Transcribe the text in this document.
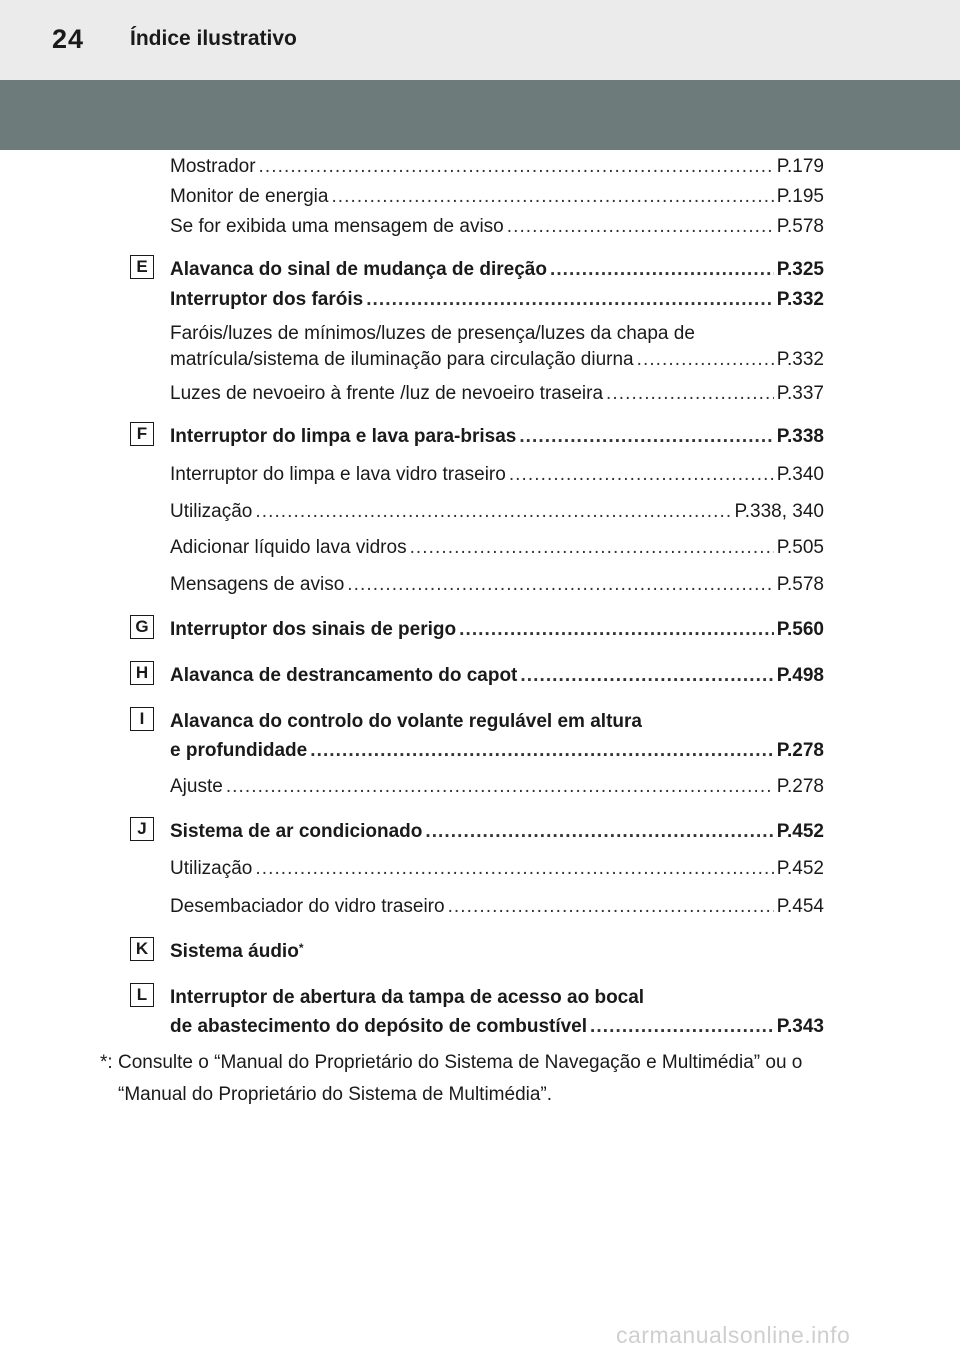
24 Índice ilustrativo
Mostrador . . .	P.179
Monitor de energia . . .	P.195
Se for exibida uma mensagem de aviso . . .	P.578
E	Alavanca do sinal de mudança de direção . . .	P.325
Interruptor dos faróis . . .	P.332
Faróis/luzes de mínimos/luzes de presença/luzes da chapa de
matrícula/sistema de iluminação para circulação diurna . . .	P.332
Luzes de nevoeiro à frente /luz de nevoeiro traseira . . .	P.337
F	Interruptor do limpa e lava para-brisas . . .	P.338
Interruptor do limpa e lava vidro traseiro . . .	P.340
Utilização . . .	P.338, 340
Adicionar líquido lava vidros . . .	P.505
Mensagens de aviso . . .	P.578
G Interruptor dos sinais de perigo . . .	P.560
H	Alavanca de destrancamento do capot . . .	P.498
I	Alavanca do controlo do volante regulável em altura
e profundidade . . .	P.278
Ajuste . . .	P.278
J	Sistema de ar condicionado . . .	P.452
Utilização . . .	P.452
Desembaciador do vidro traseiro . . .	P.454
K	Sistema áudio*
L	Interruptor de abertura da tampa de acesso ao bocal
de abastecimento do depósito de combustível . . .	P.343
*: Consulte o “Manual do Proprietário do Sistema de Navegação e Multimédia” ou o
“Manual do Proprietário do Sistema de Multimédia”.
carmanualsonline.info
